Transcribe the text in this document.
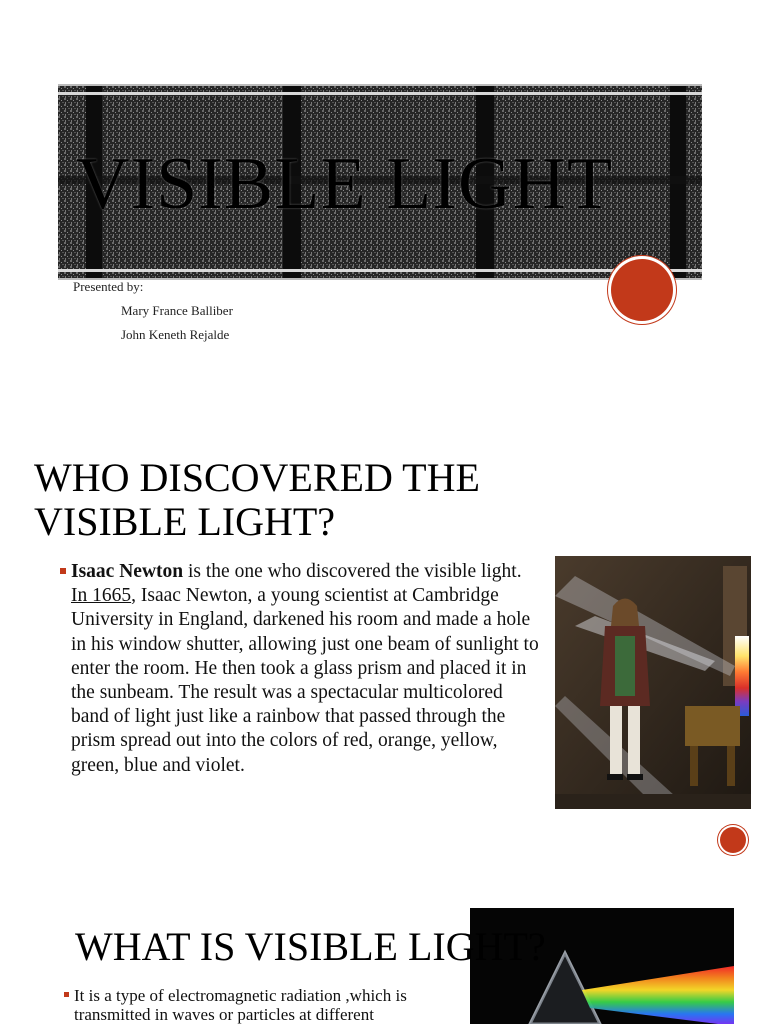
VISIBLE LIGHT
Presented by:
Mary France Balliber
John Keneth Rejalde
WHO DISCOVERED THE
VISIBLE LIGHT?
Isaac Newton is the one who discovered the visible light. In 1665, Isaac Newton, a young scientist at Cambridge University in England, darkened his room and made a hole in his window shutter, allowing just one beam of sunlight to enter the room. He then took a glass prism and placed it in the sunbeam. The result was a spectacular multicolored band of light just like a rainbow that passed through the prism spread out into the colors of red, orange, yellow, green, blue and violet.
WHAT IS VISIBLE LIGHT?
It is a type of electromagnetic radiation ,which is transmitted in waves or particles at different
